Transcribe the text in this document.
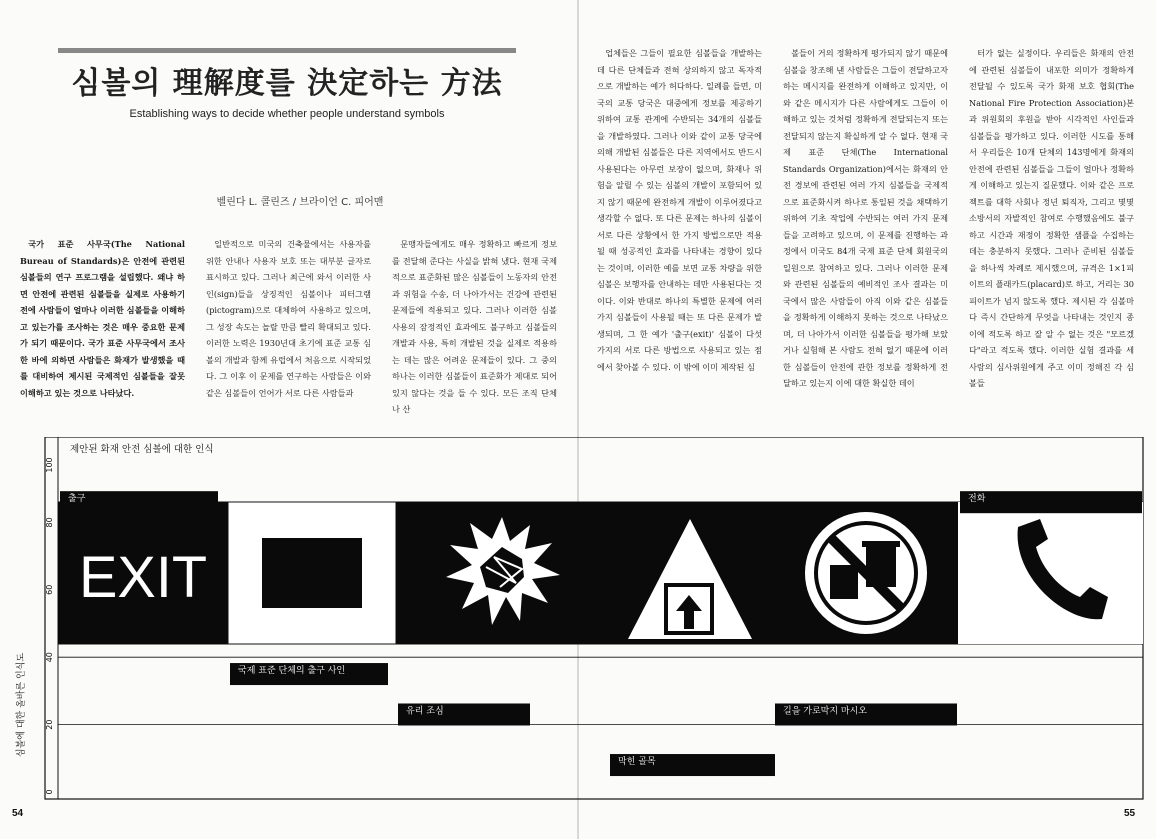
심볼의 理解度를 決定하는 方法
Establishing ways to decide whether people understand symbols
벨린다 L. 콜린즈 / 브라이언 C. 피어맨

국가 표준 사무국(The National Bureau of Standards)은 안전에 관련된 심볼들의 연구 프로그램을 설립했다. 왜냐 하면 안전에 관련된 심볼들을 실제로 사용하기 전에 사람들이 얼마나 이러한 심볼들을 이해하고 있는가를 조사하는 것은 매우 중요한 문제가 되기 때문이다. 국가 표준 사무국에서 조사한 바에 의하면 사람들은 화재가 발생했을 때를 대비하여 제시된 국제적인 심볼들을 잘못 이해하고 있는 것으로 나타났다.

일반적으로 미국의 건축물에서는 사용자를 위한 안내나 사용자 보호 또는 대부분 글자로 표시하고 있다. 그러나 최근에 와서 이러한 사인(sign)들을 상징적인 심볼이나 피터그램(pictogram)으로 대체하여 사용하고 있으며, 그 성장 속도는 놀랄 만큼 빨리 확대되고 있다. 이러한 노력은 1930년대 초기에 표준 교통 심볼의 개발과 함께 유럽에서 처음으로 시작되었다. 그 이후 이 문제를 연구하는 사람들은 이와 같은 심볼들이 언어가 서로 다른 사람들과

문맹자들에게도 매우 정확하고 빠르게 정보를 전달해 준다는 사실을 밝혀 냈다. 현재 국제적으로 표준화된 많은 심볼들이 노동자의 안전과 위험을 수송, 더 나아가서는 건강에 관련된 문제들에 적용되고 있다. 그러나 이러한 심볼 사용의 잠정적인 효과에도 불구하고 심볼들의 개발과 사용, 특히 개발된 것을 실제로 적용하는 데는 많은 어려운 문제들이 있다. 그 중의 하나는 이러한 심볼들이 표준화가 제대로 되어 있지 않다는 것을 들 수 있다. 모든 조직 단체나 산

업체들은 그들이 필요한 심볼들을 개발하는 데 다른 단체들과 전혀 상의하지 않고 독자적으로 개발하는 예가 허다하다. 일례를 들면, 미국의 교통 당국은 대중에게 정보를 제공하기 위하여 교통 관계에 수반되는 34개의 심볼들을 개발하였다. 그러나 이와 같이 교통 당국에 의해 개발된 심볼들은 다른 지역에서도 반드시 사용된다는 아무런 보장이 없으며, 화재나 위험을 알릴 수 있는 심볼의 개발이 포함되어 있지 않기 때문에 완전하게 개발이 이루어졌다고 생각할 수 없다. 또 다른 문제는 하나의 심볼이 서로 다른 상황에서 한 가지 방법으로만 적용될 때 성공적인 효과를 나타내는 경향이 있다는 것이며, 이러한 예를 보면 교통 차량을 위한 심볼은 보행자를 안내하는 데만 사용된다는 것이다. 이와 반대로 하나의 특별한 문제에 여러 가지 심볼들이 사용될 때는 또 다른 문제가 발생되며, 그 한 예가 '출구(exit)' 심볼이 다섯 가지의 서로 다른 방법으로 사용되고 있는 점에서 찾아볼 수 있다. 이 밖에 이미 제작된 심

볼들이 거의 정확하게 평가되지 않기 때문에 심볼을 창조해 낸 사람들은 그들이 전달하고자 하는 메시지를 완전하게 이해하고 있지만, 이와 같은 메시지가 다른 사람에게도 그들이 이해하고 있는 것처럼 정확하게 전달되는지 또는 전달되지 않는지 확실하게 알 수 없다. 현재 국제 표준 단체(The International Standards Organization)에서는 화재의 안전 경보에 관련된 여러 가지 심볼들을 국제적으로 표준화시켜 하나로 통일된 것을 채택하기 위하여 기초 작업에 수반되는 여러 가지 문제들을 고려하고 있으며, 이 문제를 진행하는 과정에서 미국도 84개 국제 표준 단체 회원국의 일원으로 참여하고 있다. 그러나 이러한 문제와 관련된 심볼들의 예비적인 조사 결과는 미국에서 많은 사람들이 아직 이와 같은 심볼들을 정확하게 이해하지 못하는 것으로 나타났으며, 더 나아가서 이러한 심볼들을 평가해 보았거나 실험해 본 사람도 전혀 없기 때문에 이러한 심볼들이 안전에 관한 정보를 정확하게 전달하고 있는지 이에 대한 확실한 데이

터가 없는 실정이다. 우리들은 화재의 안전에 관련된 심볼들이 내포한 의미가 정확하게 전달될 수 있도록 국가 화재 보호 협회(The National Fire Protection Association)본과 위원회의 후원을 받아 시각적인 사인들과 심볼들을 평가하고 있다. 이러한 시도를 통해서 우리들은 10개 단체의 143명에게 화재의 안전에 관련된 심볼들을 그들이 얼마나 정확하게 이해하고 있는지 질문했다. 이와 같은 프로젝트를 대학 사회나 정년 퇴직자, 그리고 몇몇 소방서의 자발적인 참여로 수행했음에도 불구하고 시간과 재정이 정확한 샘플을 수집하는 데는 충분하지 못했다. 그러나 준비된 심볼들을 하나씩 차례로 제시했으며, 규격은 1×1피이트의 플래카드(placard)로 하고, 거리는 30피이트가 넘지 않도록 했다. 제시된 각 심볼마다 즉시 간단하게 무엇을 나타내는 것인지 종이에 적도록 하고 잘 알 수 없는 것은 "모르겠다"라고 적도록 했다. 이러한 실험 결과를 세 사람의 심사위원에게 주고 이미 정해진 각 심볼들

0
20
40
60
80
100
EXIT
제안된 화재 안전 심볼에 대한 인식
출구
국제 표준 단체의 출구 사인
유리 조심
막힌 골목
길을 가로막지 마시오
전화
심볼에 대한 올바른 인식도
54	55
